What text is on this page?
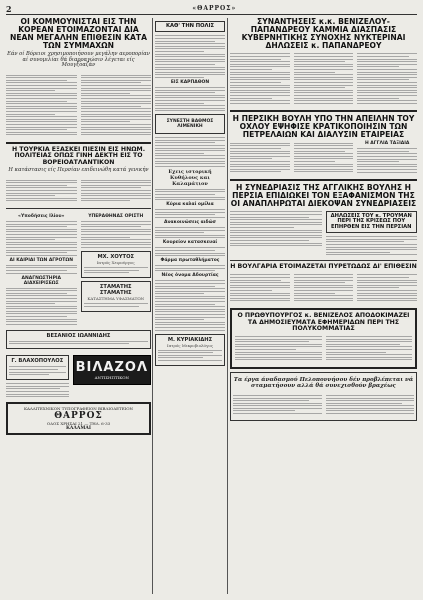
2	«ΘΑΡΡΟΣ»
ΟΙ ΚΟΜΜΟΥΝΙΣΤΑΙ ΕΙΣ ΤΗΝ ΚΟΡΕΑΝ ΕΤΟΙΜΑΖΟΝΤΑΙ ΔΙΑ ΝΕΑΝ ΜΕΓΑΛΗΝ ΕΠΙΘΕΣΙΝ ΚΑΤΑ ΤΩΝ ΣΥΜΜΑΧΩΝ
Εάν οί Βόρειοι χρησιμοποιήσουν μεγάλην αεροπορίαν αί συνομιλίαι θά διαρραγώσιν λέγεται είς Μουγξοαζάν
Η ΤΟΥΡΚΙΑ ΕΞΑΣΚΕΙ ΠΙΕΣΙΝ ΕΙΣ ΗΝΩΜ. ΠΟΛΙΤΕΙΑΣ ΟΠΩΣ ΓΙΝΗ ΔΕΚΤΗ ΕΙΣ ΤΟ ΒΟΡΕΙΟΑΤΛΑΝΤΙΚΟΝ
Η κατάστασις είς Περσίαν επιδεινώθη κατά γενικήν
«Υποδήσεις Ιλίου»
ΑΙ ΚΑΙΡΙΑΙ ΤΩΝ ΑΓΡΟΤΩΝ
ΑΝΑΓΝΩΣΤΗΡΙΑ ΔΙΑΧΕΙΡΙΣΕΩΣ
ΥΠΕΡΑΘΗΝΑΣ ΟΡΙΣΤΗ
ΜΧ. ΧΟΥΤΟΣ
Ιατρός Χειρούργος
ΣΤΑΜΑΤΗΣ ΣΤΑΜΑΤΗΣ
ΚΑΤΑΣΤΗΜΑ ΥΦΑΣΜΑΤΩΝ
ΒΕΣΑΝΙΟΣ ΙΩΑΝΝΙΔΗΣ
Γ. ΒΛΑΧΟΠΟΥΛΟΣ ΒΙΛΑΖΟΛ
ΑΝΤΙΣΗΠΤΙΚΟΝ
ΚΑΛΛΙΤΕΧΝΙΚΟΝ ΤΥΠΟΓΡΑΦΕΙΟΝ ΒΙΒΛΙΟΔΕΤΕΙΟΝ
ΘΑΡΡΟΣ
ΟΔΟΣ ΧΡΗΣΑΙ 21 — ΤΗΛ. 6-33
ΚΑΛΑΜΑΙ
ΚΑΘ' ΤΗΝ ΠΟΛΙΣ
ΕΙΣ ΚΑΡΠΑΘΟΝ
ΣΥΝΕΣΤΗ ΒΑΘΜΟΣ ΛΙΜΕΝΙΚΗ
Εχεις ιστορική Κυθήλους και Καλαμάτιον
Κύρια καλαί ομίλια
Ανακοινώσεις αιδώσ
Κουρείον κατασκευαί
Φάρμα πρωταθλήματος
Νέος όνομα Αδουρτίας
Μ. ΚΥΡΙΑΚΙΔΗΣ
Ιατρός Μικροβιολόγος
ΣΥΝΑΝΤΗΣΕΙΣ κ.κ. ΒΕΝΙΖΕΛΟΥ-ΠΑΠΑΝΔΡΕΟΥ ΚΑΜΜΙΑ ΔΙΑΣΠΑΣΙΣ ΚΥΒΕΡΝΗΤΙΚΗΣ ΣΥΝΟΧΗΣ ΝΥΚΤΕΡΙΝΑΙ ΔΗΛΩΣΕΙΣ κ. ΠΑΠΑΝΔΡΕΟΥ
Η ΠΕΡΣΙΚΗ ΒΟΥΛΗ ΥΠΟ ΤΗΝ ΑΠΕΙΛΗΝ ΤΟΥ ΟΧΛΟΥ ΕΨΗΦΙΣΕ ΚΡΑΤΙΚΟΠΟΙΗΣΙΝ ΤΩΝ ΠΕΤΡΕΛΑΙΩΝ ΚΑΙ ΔΙΑΛΥΣΙΝ ΕΤΑΙΡΕΙΑΣ
Η ΑΓΓΛΙΑ ΤΑΞΙΔΙΑ
Η ΣΥΝΕΔΡΙΑΣΙΣ ΤΗΣ ΑΓΓΛΙΚΗΣ ΒΟΥΛΗΣ Η ΠΕΡΣΙΑ ΕΠΙΔΙΩΚΕΙ ΤΟΝ ΕΞΑΦΑΝΙΣΜΟΝ ΤΗΣ ΟΙ ΑΝΑΠΛΗΡΩΤΑΙ ΔΙΕΚΟΨΑΝ ΣΥΝΕΔΡΙΑΣΕΙΣ
ΔΗΛΩΣΕΙΣ ΤΟΥ κ. ΤΡΟΥΜΑΝ ΠΕΡΙ ΤΗΣ ΚΡΙΣΕΩΣ ΠΟΥ ΕΠΗΡΘΕΝ ΕΙΣ ΤΗΝ ΠΕΡΣΙΑΝ
Η ΒΟΥΛΓΑΡΙΑ ΕΤΟΙΜΑΖΕΤΑΙ ΠΥΡΕΤΩΔΩΣ ΔΙ' ΕΠΙΘΕΣΙΝ
Ο ΠΡΩΘΥΠΟΥΡΓΟΣ κ. ΒΕΝΙΖΕΛΟΣ ΑΠΟΔΟΚΙΜΑΖΕΙ ΤΑ ΔΗΜΟΣΙΕΥΜΑΤΑ ΕΦΗΜΕΡΙΔΩΝ ΠΕΡΙ ΤΗΣ ΠΟΛΥΚΟΜΜΑΤΙΑΣ
Τα έργα άναδασμού Πελοποννήσου δέν προβλέπεται νά σταματήσουν αλλά θά συνεχισθούν βραχέως
